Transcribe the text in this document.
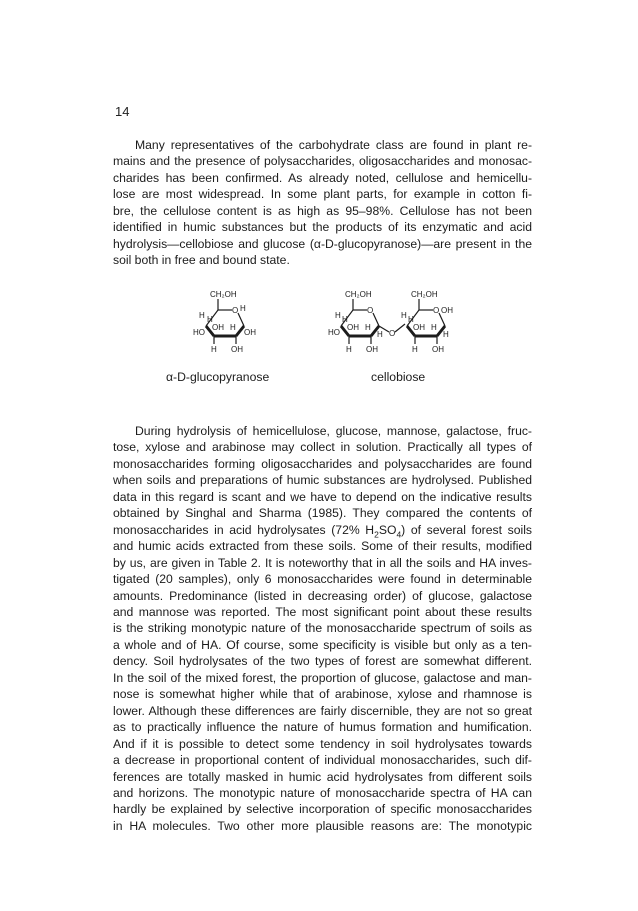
14
Many representatives of the carbohydrate class are found in plant re-
mains and the presence of polysaccharides, oligosaccharides and monosac-
charides has been confirmed. As already noted, cellulose and hemicellu-
lose are most widespread. In some plant parts, for example in cotton fi-
bre, the cellulose content is as high as 95–98%. Cellulose has not been
identified in humic substances but the products of its enzymatic and acid
hydrolysis—cellobiose and glucose (α-D-glucopyranose)—are present in the
soil both in free and bound state.
CH₂OH
O H
H H
OH H
HO	OH
H OH
CH₂OH
O
H H
OH H
HO	H
H OH
O
CH₂OH
O OH
H H
OH H
H
H OH
α-D-glucopyranose	cellobiose
During hydrolysis of hemicellulose, glucose, mannose, galactose, fruc-
tose, xylose and arabinose may collect in solution. Practically all types of
monosaccharides forming oligosaccharides and polysaccharides are found
when soils and preparations of humic substances are hydrolysed. Published
data in this regard is scant and we have to depend on the indicative results
obtained by Singhal and Sharma (1985). They compared the contents of
monosaccharides in acid hydrolysates (72% $H_2SO_4$) of several forest soils
and humic acids extracted from these soils. Some of their results, modified
by us, are given in Table 2. It is noteworthy that in all the soils and HA inves-
tigated (20 samples), only 6 monosaccharides were found in determinable
amounts. Predominance (listed in decreasing order) of glucose, galactose
and mannose was reported. The most significant point about these results
is the striking monotypic nature of the monosaccharide spectrum of soils as
a whole and of HA. Of course, some specificity is visible but only as a ten-
dency. Soil hydrolysates of the two types of forest are somewhat different.
In the soil of the mixed forest, the proportion of glucose, galactose and man-
nose is somewhat higher while that of arabinose, xylose and rhamnose is
lower. Although these differences are fairly discernible, they are not so great
as to practically influence the nature of humus formation and humification.
And if it is possible to detect some tendency in soil hydrolysates towards
a decrease in proportional content of individual monosaccharides, such dif-
ferences are totally masked in humic acid hydrolysates from different soils
and horizons. The monotypic nature of monosaccharide spectra of HA can
hardly be explained by selective incorporation of specific monosaccharides
in HA molecules. Two other more plausible reasons are: The monotypic
